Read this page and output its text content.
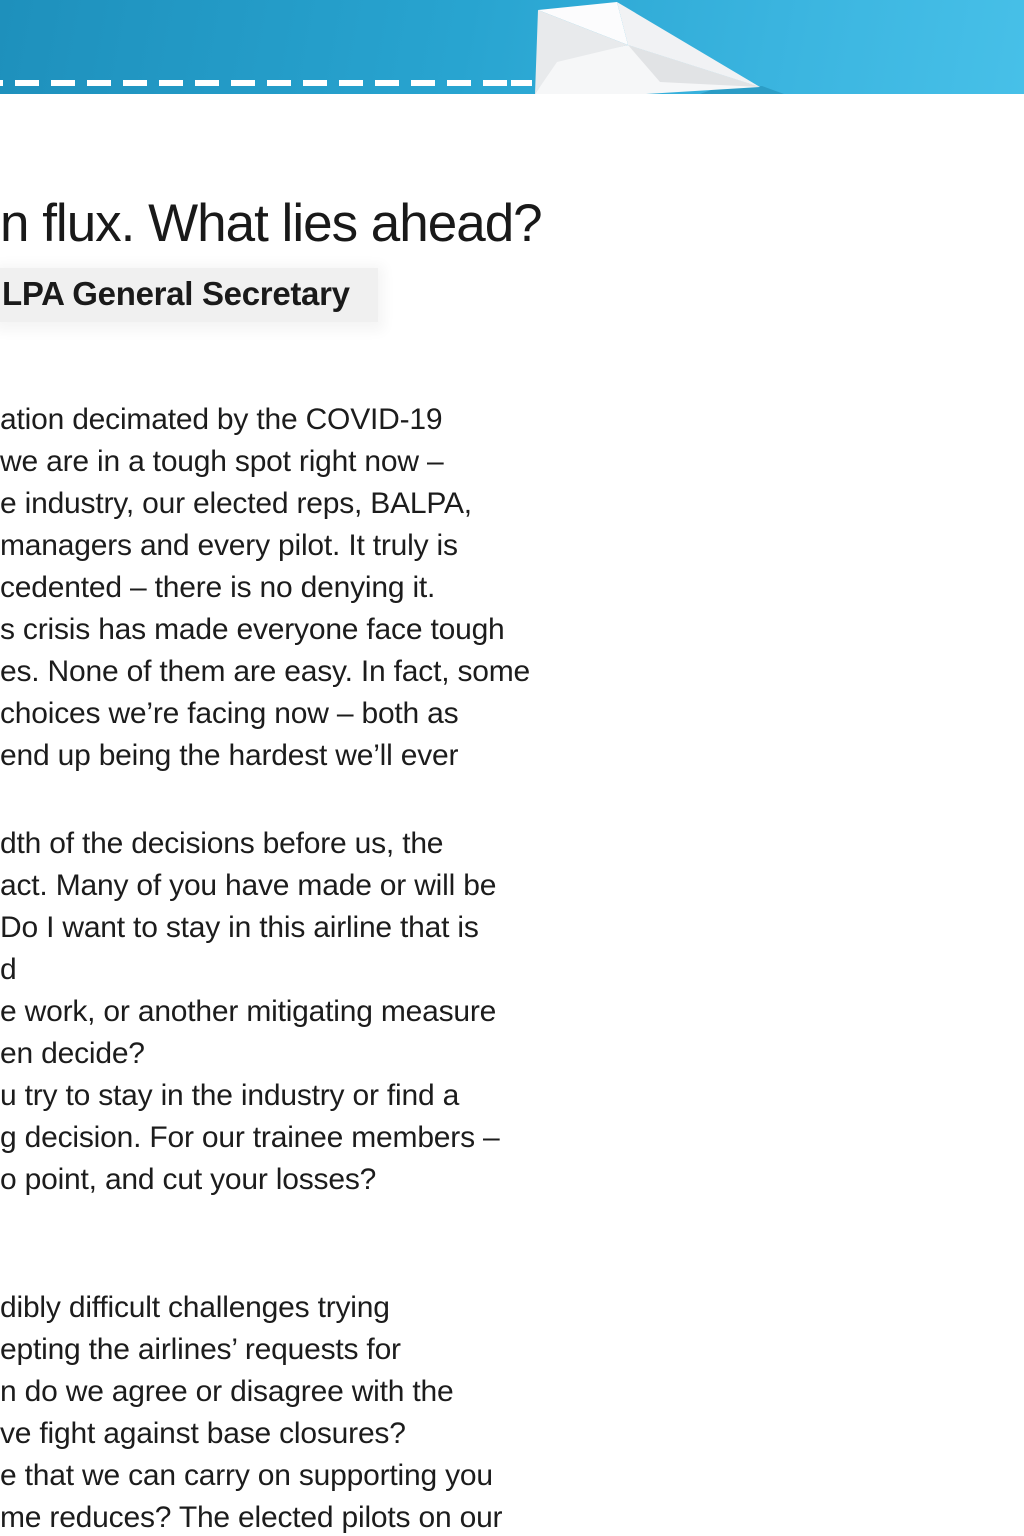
n flux. What lies ahead?
LPA General Secretary
ation decimated by the COVID-19
we are in a tough spot right now –
e industry, our elected reps, BALPA,
managers and every pilot. It truly is
cedented – there is no denying it.
s crisis has made everyone face tough
es. None of them are easy. In fact, some
choices we’re facing now – both as
end up being the hardest we’ll ever
dth of the decisions before us, the
act. Many of you have made or will be
Do I want to stay in this airline that is
d
e work, or another mitigating measure
en decide?
u try to stay in the industry or find a
g decision. For our trainee members –
o point, and cut your losses?
dibly difficult challenges trying
epting the airlines’ requests for
n do we agree or disagree with the
ve fight against base closures?
e that we can carry on supporting you
me reduces? The elected pilots on our
